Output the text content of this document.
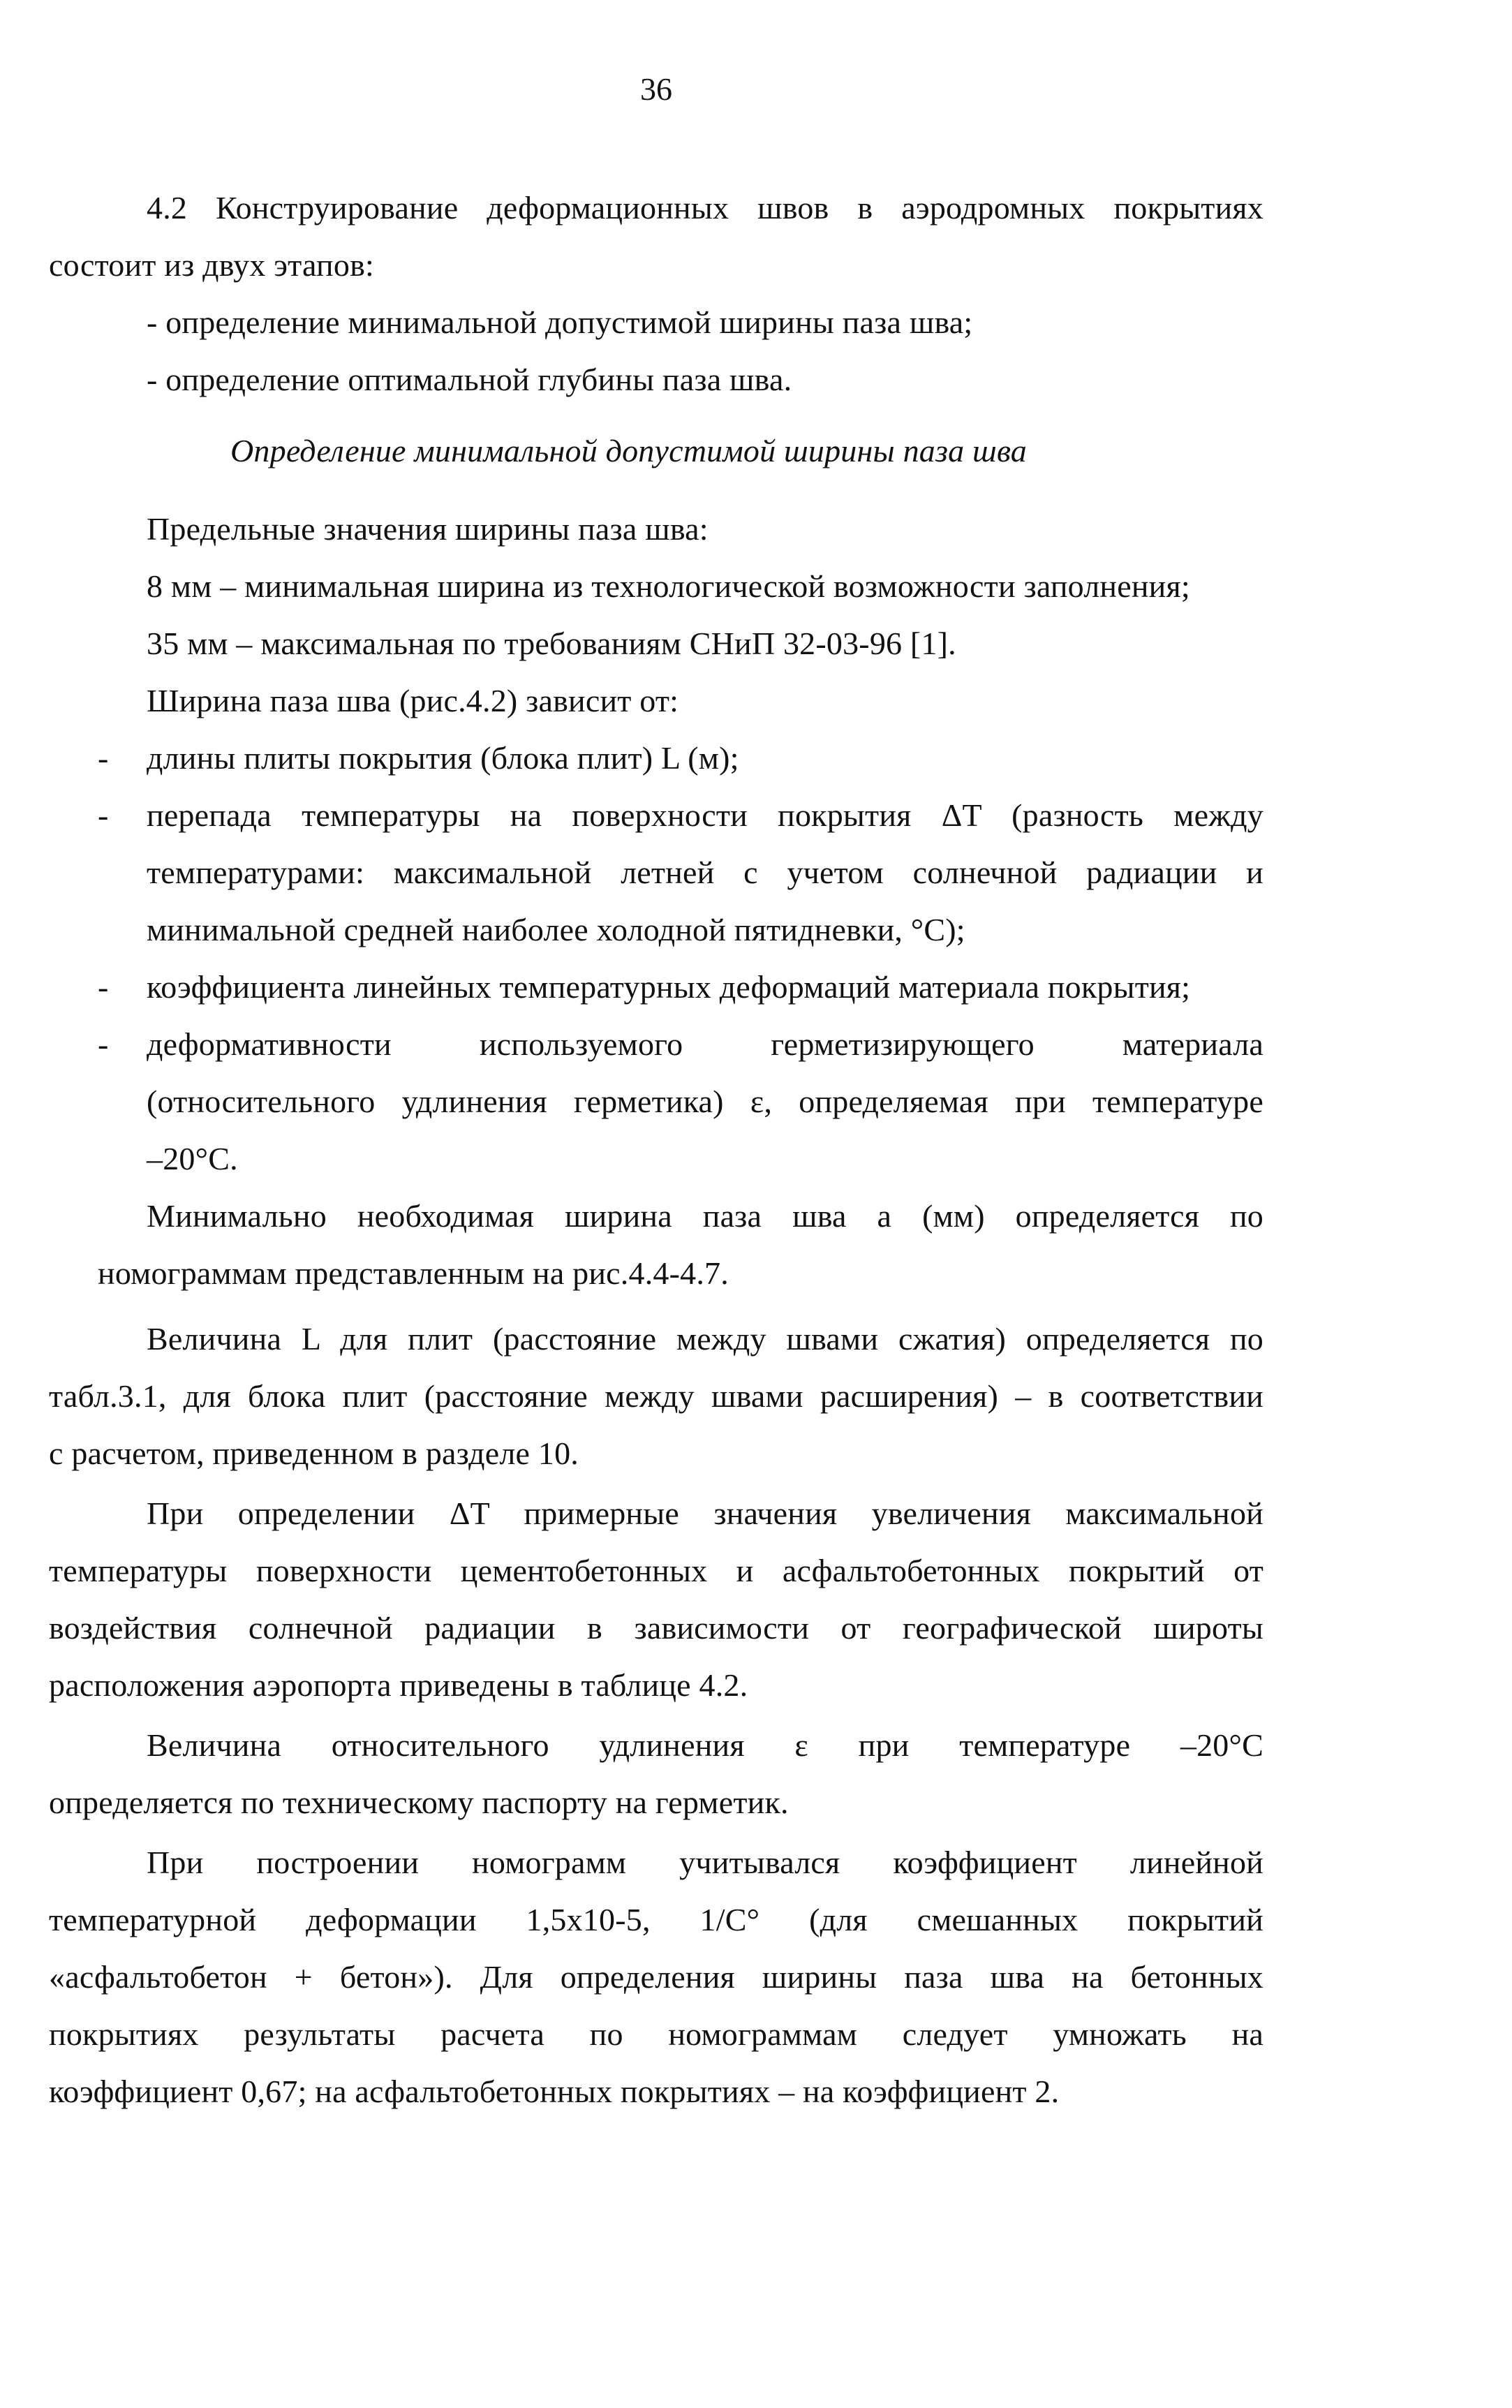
36
4.2 Конструирование деформационных швов в аэродромных покрытиях
состоит из двух этапов:
- определение минимальной допустимой ширины паза шва;
- определение оптимальной глубины паза шва.
Определение минимальной допустимой ширины паза шва
Предельные значения ширины паза шва:
8 мм – минимальная ширина из технологической возможности заполнения;
35 мм – максимальная по требованиям СНиП 32-03-96 [1].
Ширина паза шва (рис.4.2) зависит от:
- длины плиты покрытия (блока плит) L (м);
- перепада температуры на поверхности покрытия ΔT (разность между
температурами: максимальной летней с учетом солнечной радиации и
минимальной средней наиболее холодной пятидневки, °С);
- коэффициента линейных температурных деформаций материала покрытия;
- деформативности используемого герметизирующего материала
(относительного удлинения герметика) ε, определяемая при температуре
–20°С.
Минимально необходимая ширина паза шва a (мм) определяется по
номограммам представленным на рис.4.4-4.7.
Величина L для плит (расстояние между швами сжатия) определяется по
табл.3.1, для блока плит (расстояние между швами расширения) – в соответствии
с расчетом, приведенном в разделе 10.
При определении ΔT примерные значения увеличения максимальной
температуры поверхности цементобетонных и асфальтобетонных покрытий от
воздействия солнечной радиации в зависимости от географической широты
расположения аэропорта приведены в таблице 4.2.
Величина относительного удлинения ε при температуре –20°С
определяется по техническому паспорту на герметик.
При построении номограмм учитывался коэффициент линейной
температурной деформации 1,5х10-5, 1/С° (для смешанных покрытий
«асфальтобетон + бетон»). Для определения ширины паза шва на бетонных
покрытиях результаты расчета по номограммам следует умножать на
коэффициент 0,67; на асфальтобетонных покрытиях – на коэффициент 2.
